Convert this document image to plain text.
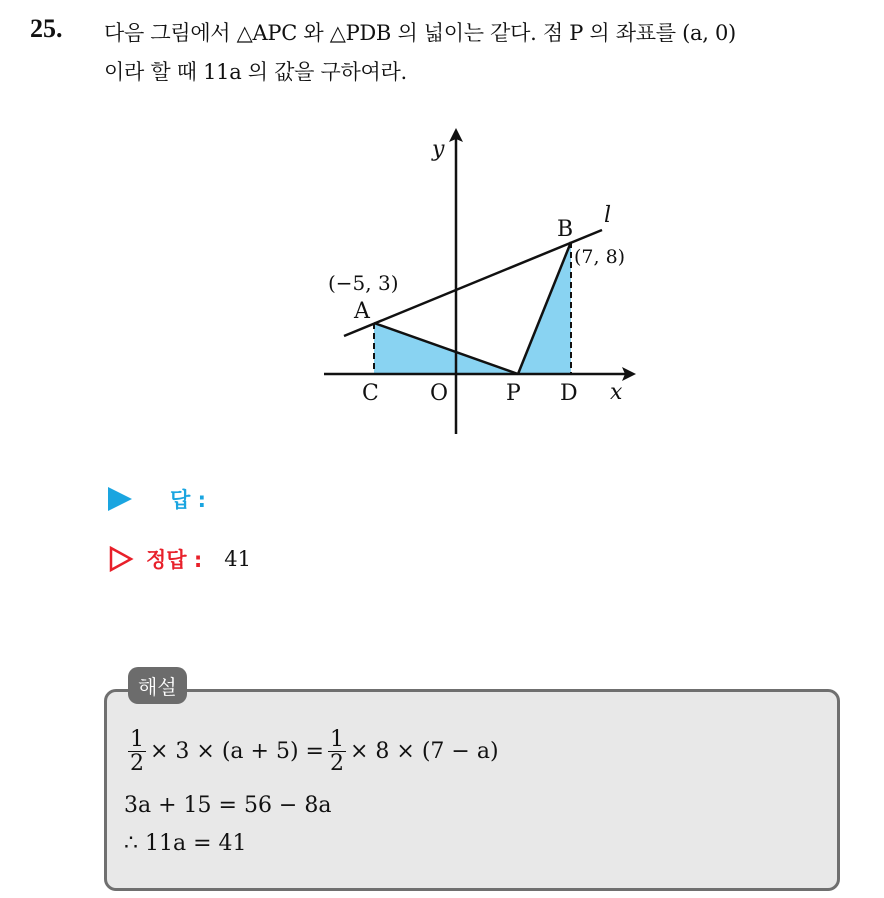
25. 다음 그림에서 △APC 와 △PDB 의 넓이는 같다. 점 P 의 좌표를 (a, 0)
이라 할 때 11a 의 값을 구하여라.
y
x
l
(−5, 3)
A
B
(7, 8)
C O	P D
답 :
정답 : 41
해설
$\frac{1}{2} \times 3 \times (a + 5) = \frac{1}{2} \times 8 \times (7 - a)$
3a + 15 = 56 − 8a
∴ 11a = 41
